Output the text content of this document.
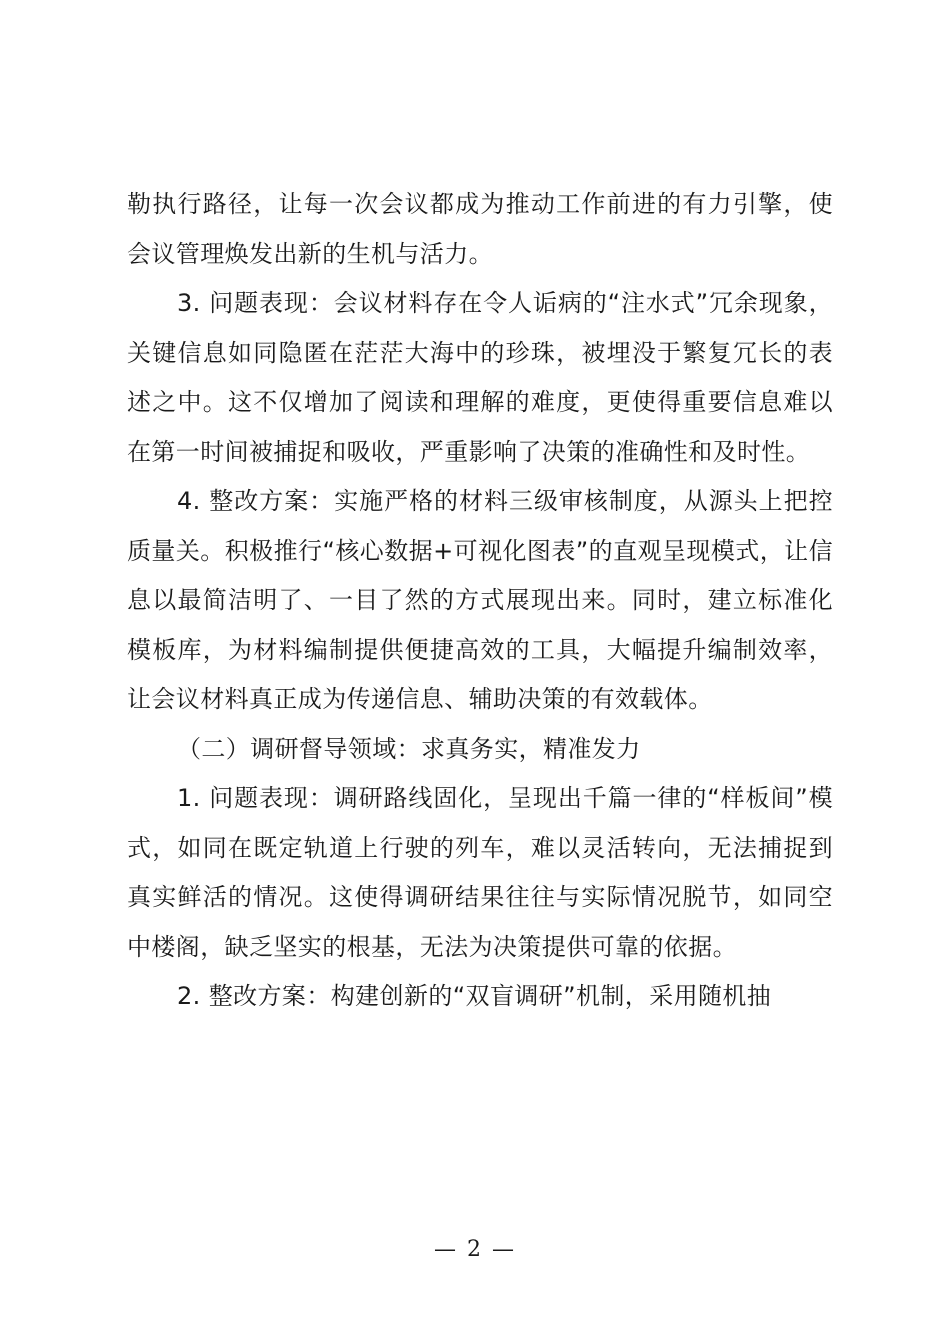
勒执行路径，让每一次会议都成为推动工作前进的有力引擎，使会议管理焕发出新的生机与活力。

3. 问题表现：会议材料存在令人诟病的“注水式”冗余现象，关键信息如同隐匿在茫茫大海中的珍珠，被埋没于繁复冗长的表述之中。这不仅增加了阅读和理解的难度，更使得重要信息难以在第一时间被捕捉和吸收，严重影响了决策的准确性和及时性。

4. 整改方案：实施严格的材料三级审核制度，从源头上把控质量关。积极推行“核心数据+可视化图表”的直观呈现模式，让信息以最简洁明了、一目了然的方式展现出来。同时，建立标准化模板库，为材料编制提供便捷高效的工具，大幅提升编制效率，让会议材料真正成为传递信息、辅助决策的有效载体。

（二）调研督导领域：求真务实，精准发力

1. 问题表现：调研路线固化，呈现出千篇一律的“样板间”模式，如同在既定轨道上行驶的列车，难以灵活转向，无法捕捉到真实鲜活的情况。这使得调研结果往往与实际情况脱节，如同空中楼阁，缺乏坚实的根基，无法为决策提供可靠的依据。

2. 整改方案：构建创新的“双盲调研”机制，采用随机抽

— 2 —
